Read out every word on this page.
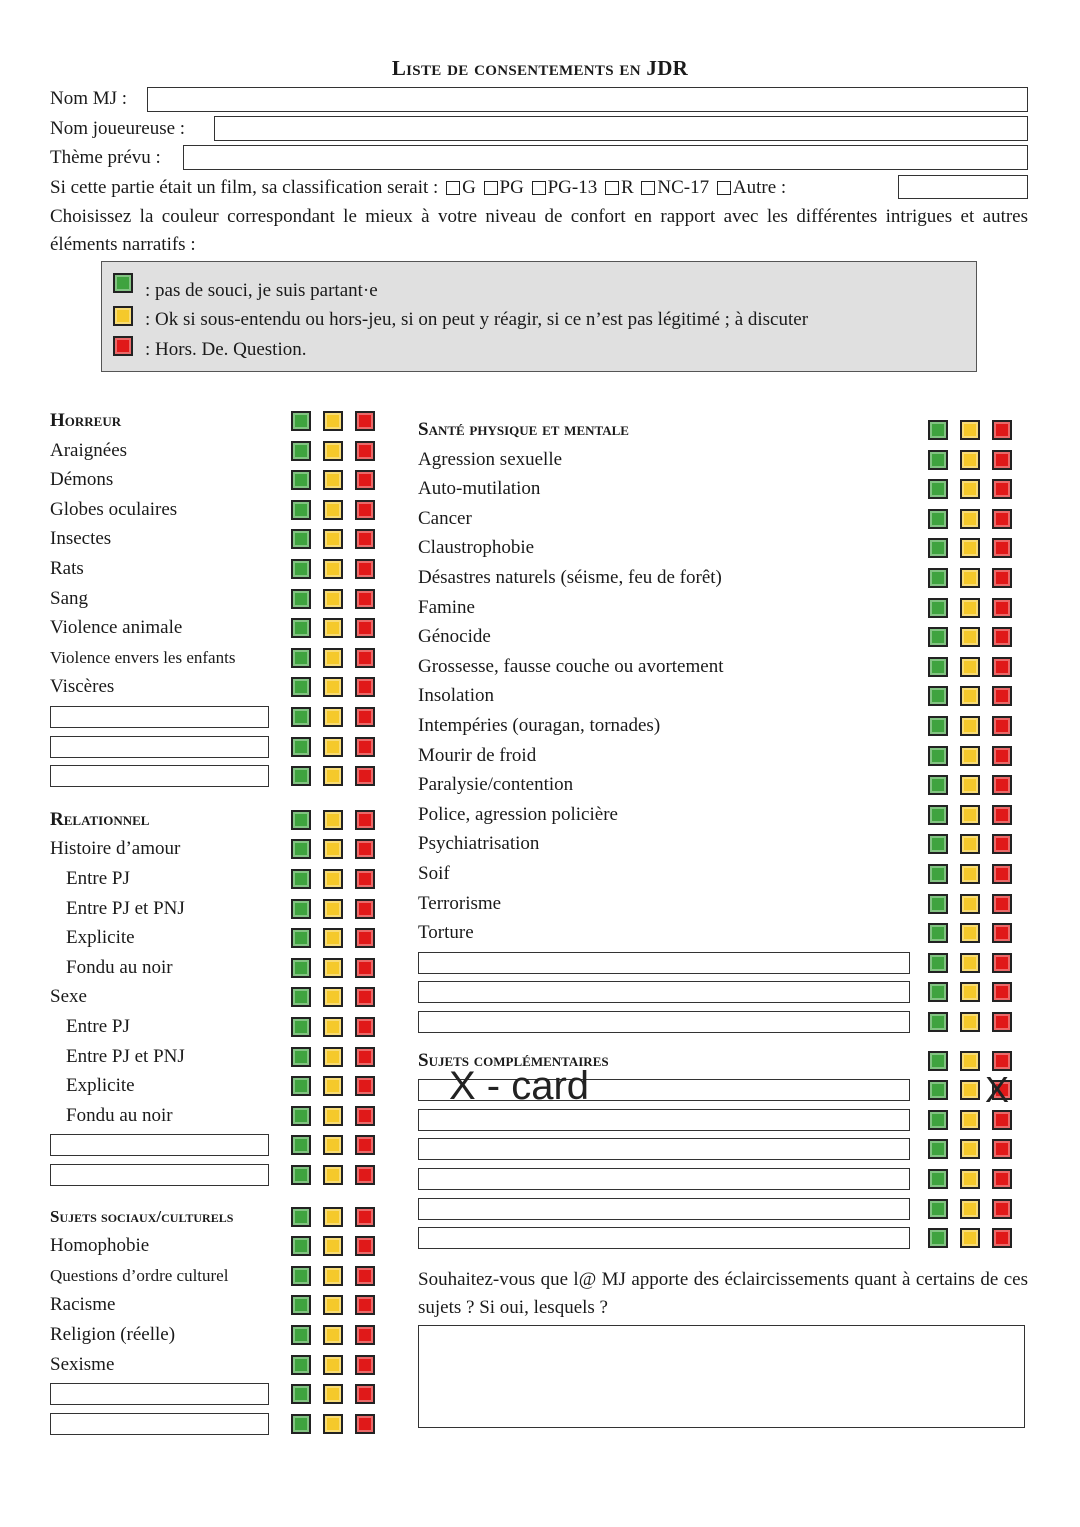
Liste de consentements en JDR
Nom MJ :
Nom joueureuse :
Thème prévu :
Si cette partie était un film, sa classification serait : G PG PG-13 R NC-17 Autre :
Choisissez la couleur correspondant le mieux à votre niveau de confort en rapport avec les différentes intrigues et autres éléments narratifs :
: pas de souci, je suis partant·e
: Ok si sous-entendu ou hors-jeu, si on peut y réagir, si ce n’est pas légitimé ; à discuter
: Hors. De. Question.
Horreur
Araignées
Démons
Globes oculaires
Insectes
Rats
Sang
Violence animale
Violence envers les enfants
Viscères
Relationnel
Histoire d’amour
Entre PJ
Entre PJ et PNJ
Explicite
Fondu au noir
Sexe
Entre PJ
Entre PJ et PNJ
Explicite
Fondu au noir
Sujets sociaux/culturels
Homophobie
Questions d’ordre culturel
Racisme
Religion (réelle)
Sexisme
Santé physique et mentale
Agression sexuelle
Auto-mutilation
Cancer
Claustrophobie
Désastres naturels (séisme, feu de forêt)
Famine
Génocide
Grossesse, fausse couche ou avortement
Insolation
Intempéries (ouragan, tornades)
Mourir de froid
Paralysie/contention
Police, agression policière
Psychiatrisation
Soif
Terrorisme
Torture
Sujets complémentaires
X - card	X
Souhaitez-vous que l@ MJ apporte des éclaircissements quant à certains de ces sujets ? Si oui, lesquels ?
